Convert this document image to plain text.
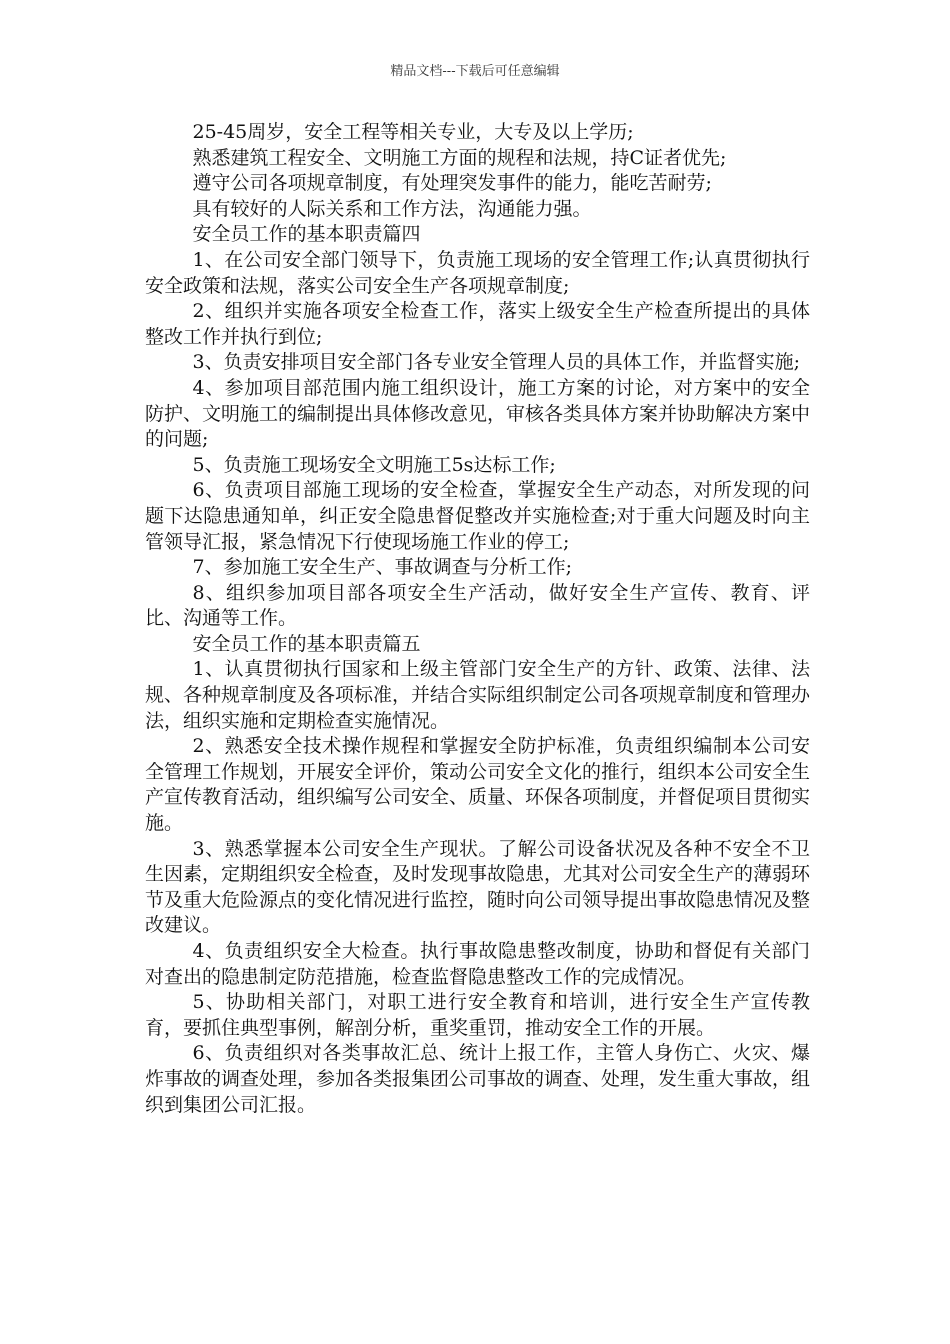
精品文档---下载后可任意编辑

25-45周岁，安全工程等相关专业，大专及以上学历;

熟悉建筑工程安全、文明施工方面的规程和法规，持C证者优先;

遵守公司各项规章制度，有处理突发事件的能力，能吃苦耐劳;

具有较好的人际关系和工作方法，沟通能力强。

安全员工作的基本职责篇四

1、在公司安全部门领导下，负责施工现场的安全管理工作;认真贯彻执行安全政策和法规，落实公司安全生产各项规章制度;

2、组织并实施各项安全检查工作，落实上级安全生产检查所提出的具体整改工作并执行到位;

3、负责安排项目安全部门各专业安全管理人员的具体工作，并监督实施;

4、参加项目部范围内施工组织设计，施工方案的讨论，对方案中的安全防护、文明施工的编制提出具体修改意见，审核各类具体方案并协助解决方案中的问题;

5、负责施工现场安全文明施工5s达标工作;

6、负责项目部施工现场的安全检查，掌握安全生产动态，对所发现的问题下达隐患通知单，纠正安全隐患督促整改并实施检查;对于重大问题及时向主管领导汇报，紧急情况下行使现场施工作业的停工;

7、参加施工安全生产、事故调查与分析工作;

8、组织参加项目部各项安全生产活动，做好安全生产宣传、教育、评比、沟通等工作。

安全员工作的基本职责篇五

1、认真贯彻执行国家和上级主管部门安全生产的方针、政策、法律、法规、各种规章制度及各项标准，并结合实际组织制定公司各项规章制度和管理办法，组织实施和定期检查实施情况。

2、熟悉安全技术操作规程和掌握安全防护标准，负责组织编制本公司安全管理工作规划，开展安全评价，策动公司安全文化的推行，组织本公司安全生产宣传教育活动，组织编写公司安全、质量、环保各项制度，并督促项目贯彻实施。

3、熟悉掌握本公司安全生产现状。了解公司设备状况及各种不安全不卫生因素，定期组织安全检查，及时发现事故隐患，尤其对公司安全生产的薄弱环节及重大危险源点的变化情况进行监控，随时向公司领导提出事故隐患情况及整改建议。

4、负责组织安全大检查。执行事故隐患整改制度，协助和督促有关部门对查出的隐患制定防范措施，检查监督隐患整改工作的完成情况。

5、协助相关部门，对职工进行安全教育和培训，进行安全生产宣传教育，要抓住典型事例，解剖分析，重奖重罚，推动安全工作的开展。

6、负责组织对各类事故汇总、统计上报工作，主管人身伤亡、火灾、爆炸事故的调查处理，参加各类报集团公司事故的调查、处理，发生重大事故，组织到集团公司汇报。
